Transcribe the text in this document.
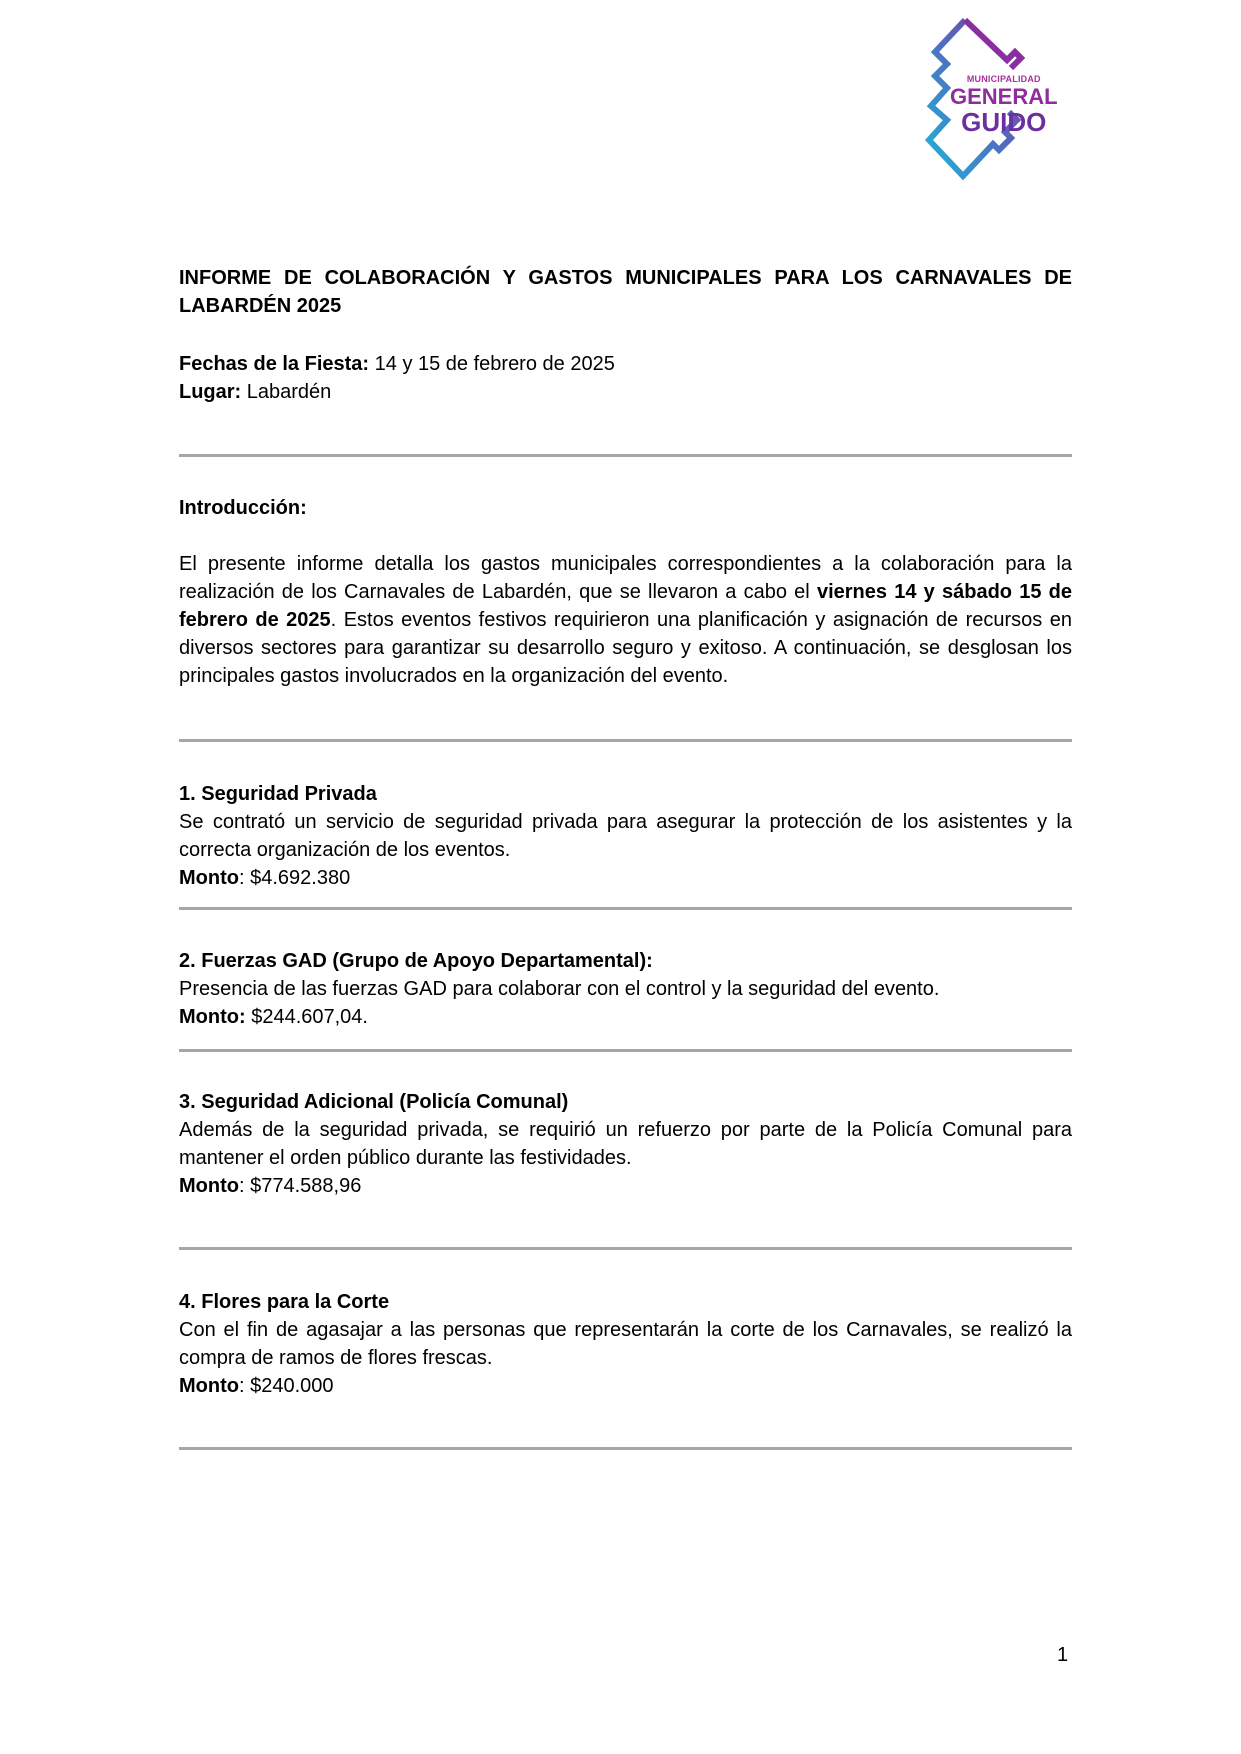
MUNICIPALIDAD
GENERAL
GUIDO
INFORME DE COLABORACIÓN Y GASTOS MUNICIPALES PARA LOS CARNAVALES DE LABARDÉN 2025
Fechas de la Fiesta: 14 y 15 de febrero de 2025
Lugar: Labardén
Introducción:
El presente informe detalla los gastos municipales correspondientes a la colaboración para la realización de los Carnavales de Labardén, que se llevaron a cabo el viernes 14 y sábado 15 de febrero de 2025. Estos eventos festivos requirieron una planificación y asignación de recursos en diversos sectores para garantizar su desarrollo seguro y exitoso. A continuación, se desglosan los principales gastos involucrados en la organización del evento.
1. Seguridad Privada
Se contrató un servicio de seguridad privada para asegurar la protección de los asistentes y la correcta organización de los eventos.
Monto: $4.692.380
2. Fuerzas GAD (Grupo de Apoyo Departamental):
Presencia de las fuerzas GAD para colaborar con el control y la seguridad del evento.
Monto: $244.607,04.
3. Seguridad Adicional (Policía Comunal)
Además de la seguridad privada, se requirió un refuerzo por parte de la Policía Comunal para mantener el orden público durante las festividades.
Monto: $774.588,96
4. Flores para la Corte
Con el fin de agasajar a las personas que representarán la corte de los Carnavales, se realizó la compra de ramos de flores frescas.
Monto: $240.000
1
